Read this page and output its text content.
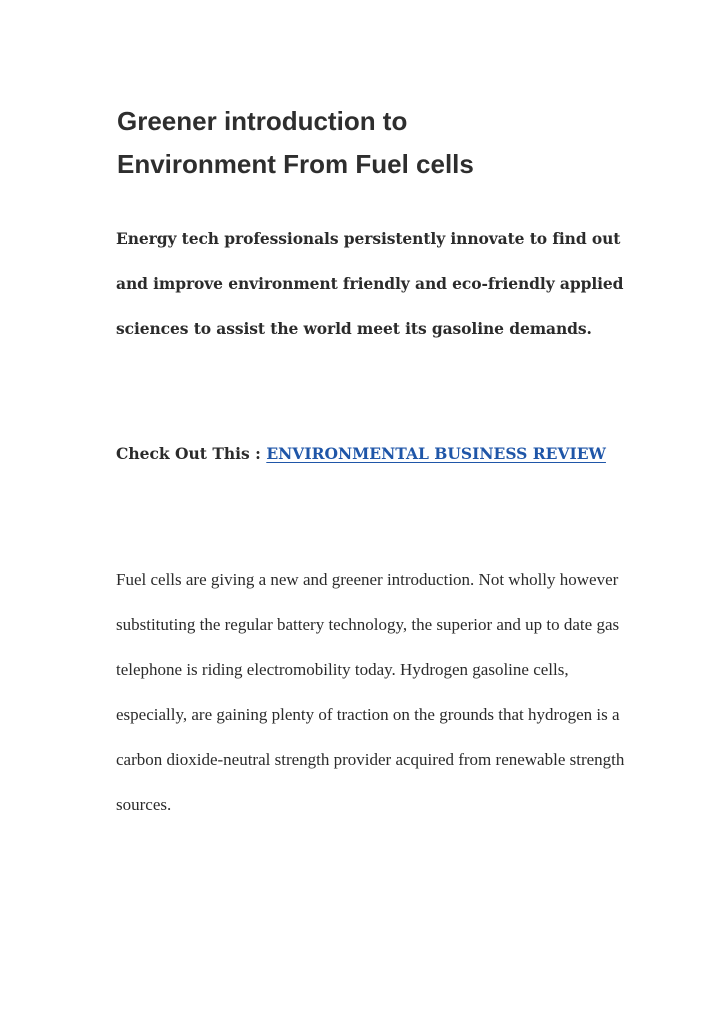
Greener introduction to
Environment From Fuel cells

Energy tech professionals persistently innovate to find out and improve environment friendly and eco-friendly applied sciences to assist the world meet its gasoline demands.

Check Out This : ENVIRONMENTAL BUSINESS REVIEW

Fuel cells are giving a new and greener introduction. Not wholly however substituting the regular battery technology, the superior and up to date gas telephone is riding electromobility today. Hydrogen gasoline cells, especially, are gaining plenty of traction on the grounds that hydrogen is a carbon dioxide-neutral strength provider acquired from renewable strength sources.
